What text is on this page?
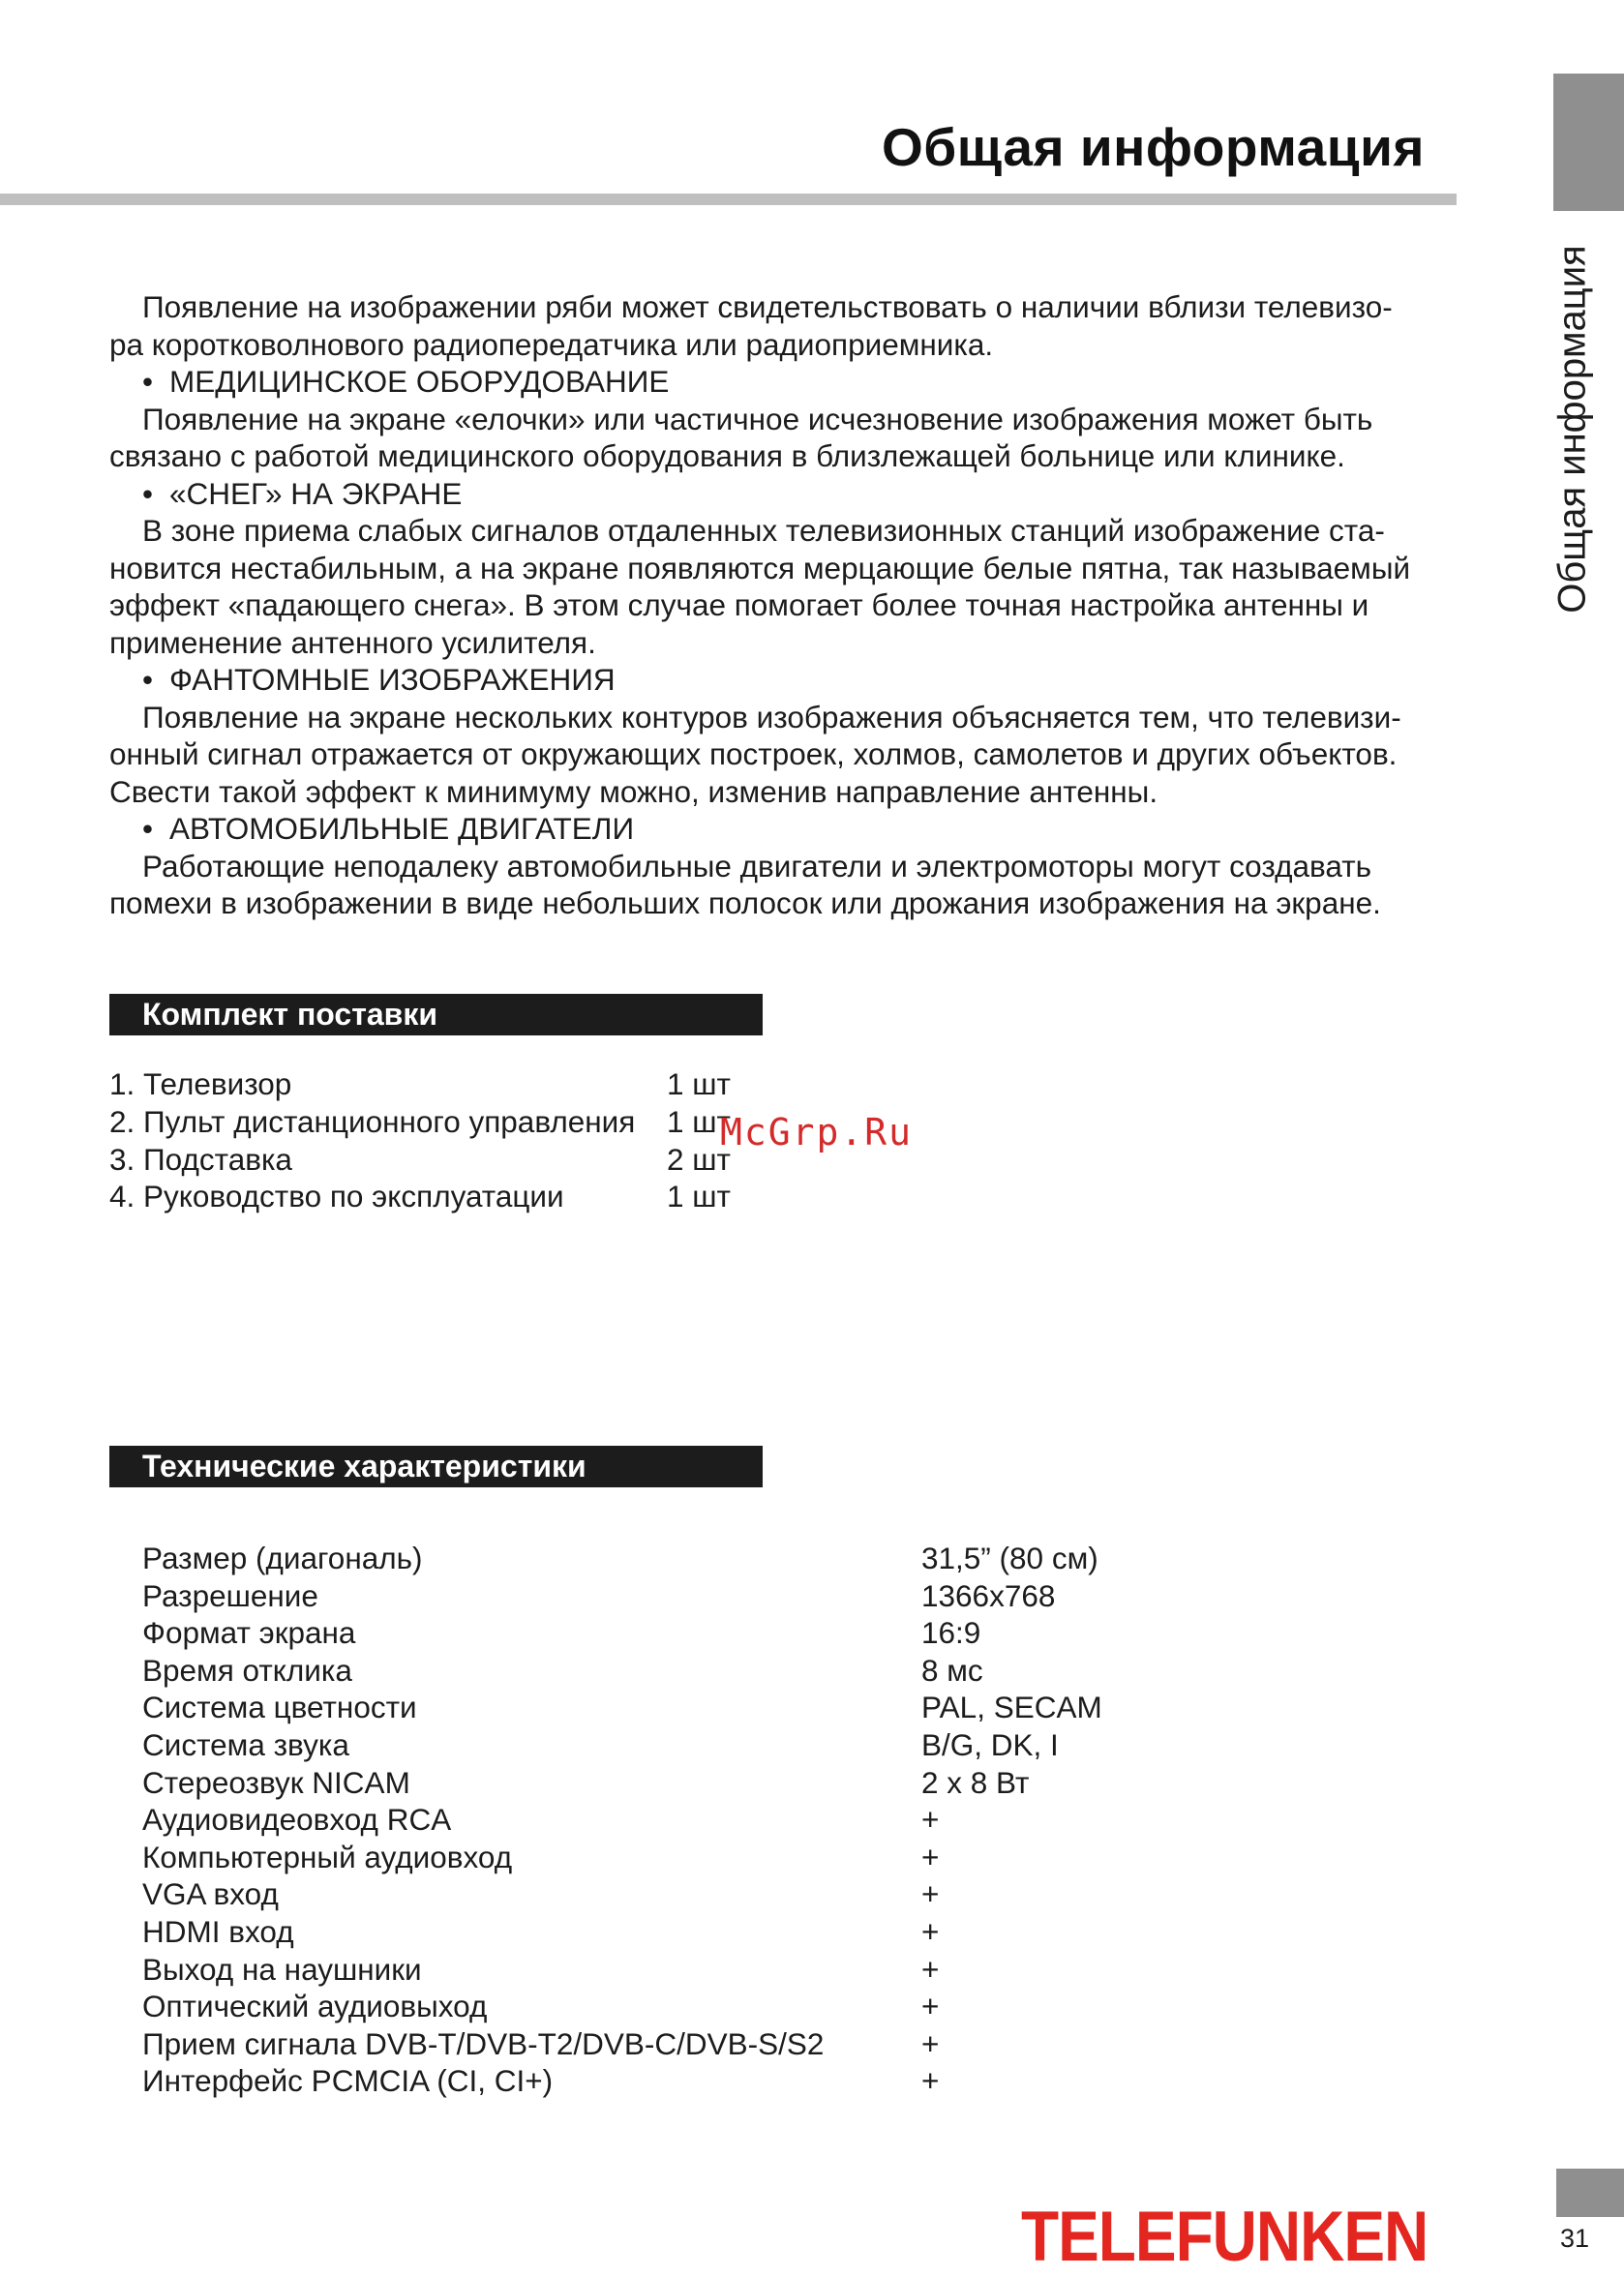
Общая информация
Общая информация
Появление на изображении ряби может свидетельствовать о наличии вблизи телевизо-
ра коротковолнового радиопередатчика или радиоприемника.
• МЕДИЦИНСКОЕ ОБОРУДОВАНИЕ
Появление на экране «елочки» или частичное исчезновение изображения может быть
связано с работой медицинского оборудования в близлежащей больнице или клинике.
• «СНЕГ» НА ЭКРАНЕ
В зоне приема слабых сигналов отдаленных телевизионных станций изображение ста-
новится нестабильным, а на экране появляются мерцающие белые пятна, так называемый
эффект «падающего снега». В этом случае помогает более точная настройка антенны и
применение антенного усилителя.
• ФАНТОМНЫЕ ИЗОБРАЖЕНИЯ
Появление на экране нескольких контуров изображения объясняется тем, что телевизи-
онный сигнал отражается от окружающих построек, холмов, самолетов и других объектов.
Свести такой эффект к минимуму можно, изменив направление антенны.
• АВТОМОБИЛЬНЫЕ ДВИГАТЕЛИ
Работающие неподалеку автомобильные двигатели и электромоторы могут создавать
помехи в изображении в виде небольших полосок или дрожания изображения на экране.
Комплект поставки
1. Телевизор	1 шт
2. Пульт дистанционного управления 1 шт
3. Подставка	2 шт
4. Руководство по эксплуатации	1 шт
McGrp.Ru
Технические характеристики
Размер (диагональ)	31,5” (80 см)
Разрешение	1366x768
Формат экрана	16:9
Время отклика	8 мс
Система цветности	PAL, SECAM
Система звука	B/G, DK, I
Стереозвук NICAM	2 x 8 Вт
Аудиовидеовход RCA	+
Компьютерный аудиовход	+
VGA вход	+
HDMI вход	+
Выход на наушники	+
Оптический аудиовыход	+
Прием сигнала DVB-T/DVB-T2/DVB-C/DVB-S/S2	+
Интерфейс PCMCIA (CI, CI+)	+
TELEFUNKEN	31
